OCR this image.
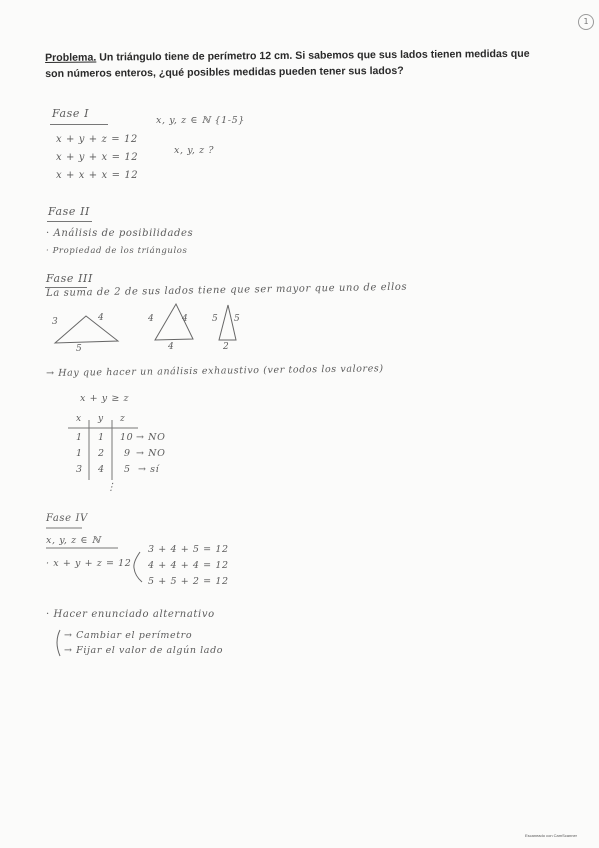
1
Problema. Un triángulo tiene de perímetro 12 cm. Si sabemos que sus lados tienen medidas que son números enteros, ¿qué posibles medidas pueden tener sus lados?
Fase I
x + y + z = 12
x + y + x = 12
x + x + x = 12
x, y, z ∈ ℕ {1-5}
x, y, z ?
Fase II
· Análisis de posibilidades
· Propiedad de los triángulos
Fase III
La suma de 2 de sus lados tiene que ser mayor que uno de ellos
3	4
5
4	4
4
5 5
2
→ Hay que hacer un análisis exhaustivo (ver todos los valores)
x + y ≥ z
x y z
1 1 10 → NO
1 2 9 → NO
3 4 5 → sí
⋮
Fase IV
x, y, z ∈ ℕ
· x + y + z = 12
3 + 4 + 5 = 12
4 + 4 + 4 = 12
5 + 5 + 2 = 12
· Hacer enunciado alternativo
→ Cambiar el perímetro
→ Fijar el valor de algún lado
Escaneado con CamScanner
